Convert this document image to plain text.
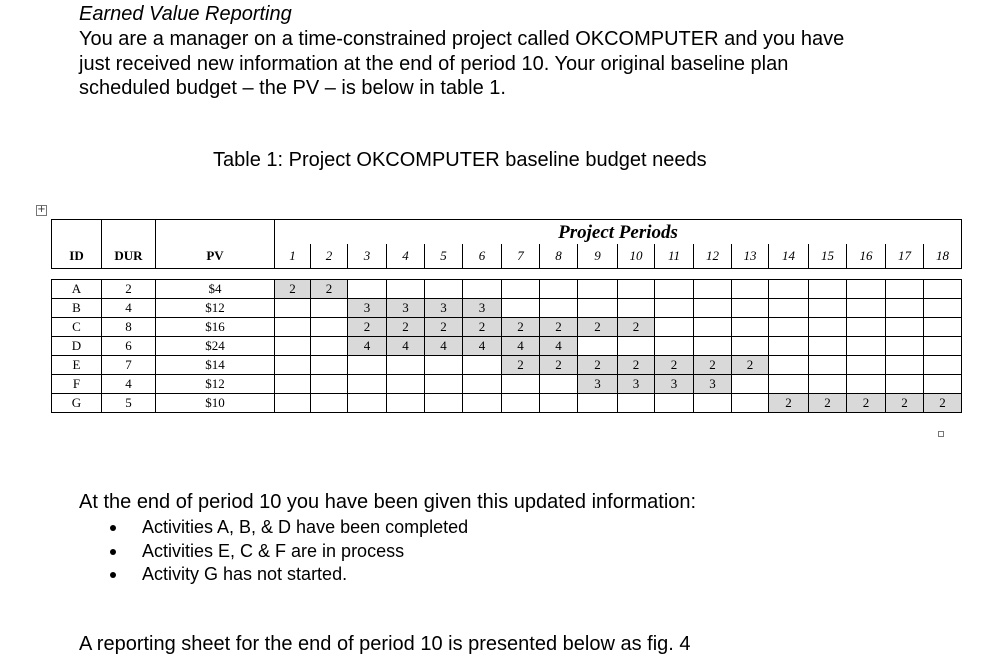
Earned Value Reporting
You are a manager on a time-constrained project called OKCOMPUTER and you have just received new information at the end of period 10. Your original baseline plan scheduled budget – the PV – is below in table 1.
Table 1: Project OKCOMPUTER baseline budget needs
+
			Project Periods																	
ID	DUR	PV	1	2	3	4	5	6	7	8	9	10	11	12	13	14	15	16	17	18

A	2	$4	2	2																
B	4	$12			3	3	3	3												
C	8	$16			2	2	2	2	2	2	2	2								
D	6	$24			4	4	4	4	4	4										
E	7	$14							2	2	2	2	2	2	2					
F	4	$12									3	3	3	3						
G	5	$10														2	2	2	2	2
At the end of period 10 you have been given this updated information:
Activities A, B, & D have been completed
Activities E, C & F are in process
Activity G has not started.
A reporting sheet for the end of period 10 is presented below as fig. 4
